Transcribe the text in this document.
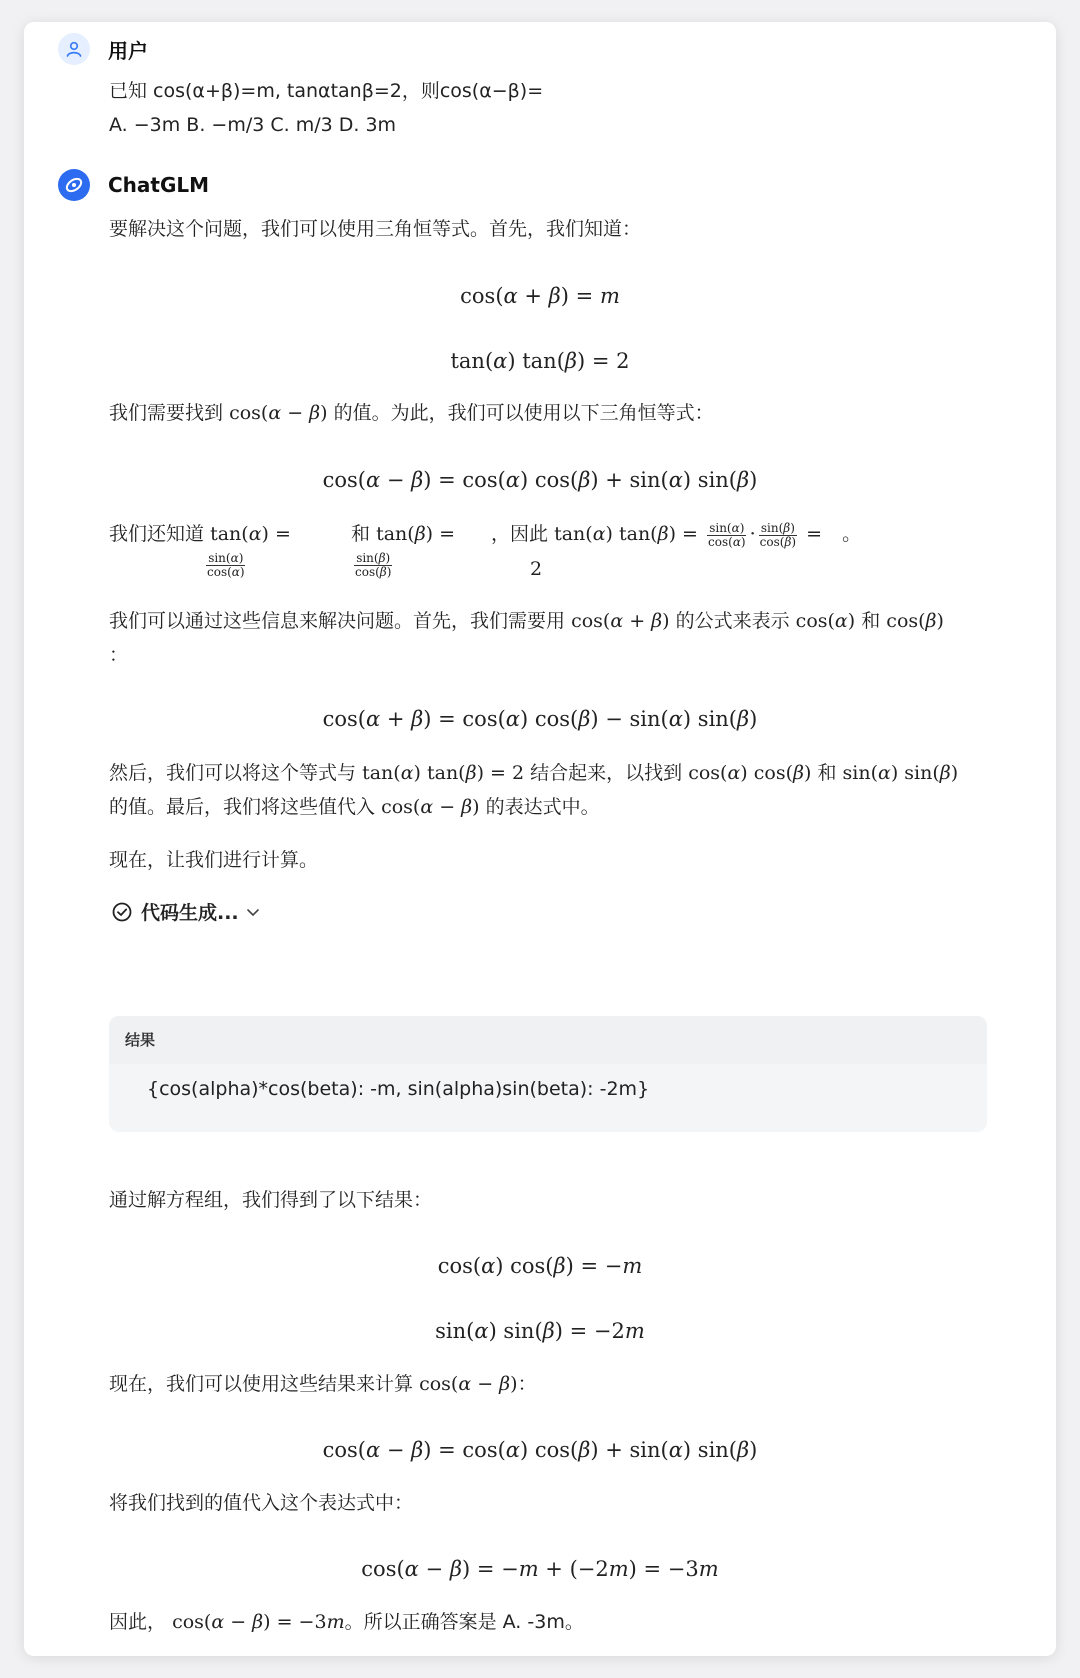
用户
已知 cos(α+β)=m, tanαtanβ=2，则cos(α−β)=
A. −3m B. −m/3 C. m/3 D. 3m
ChatGLM
要解决这个问题，我们可以使用三角恒等式。首先，我们知道：
cos(α + β) = m
tan(α) tan(β) = 2
我们需要找到 cos(α − β) 的值。为此，我们可以使用以下三角恒等式：
cos(α − β) = cos(α) cos(β) + sin(α) sin(β)
我们还知道 tan(α) =	和 tan(β) = ，因此 tan(α) $\tan(\beta) = \frac{\sin(\alpha)}{\cos(\alpha)} \cdot \frac{\sin(\beta)}{\cos(\beta)}$ = 。
$\frac{\sin(\alpha)}{\cos(\alpha)}$	$\frac{\sin(\beta)}{\cos(\beta)}$	2
我们可以通过这些信息来解决问题。首先，我们需要用 cos(α + β) 的公式来表示 cos(α) 和 cos(β)
：
cos(α + β) = cos(α) cos(β) − sin(α) sin(β)
然后，我们可以将这个等式与 tan(α) tan(β) = 2 结合起来，以找到 cos(α) cos(β) 和 sin(α) sin(β)
的值。最后，我们将这些值代入 cos(α − β) 的表达式中。
现在，让我们进行计算。
代码生成...
结果
{cos(alpha)*cos(beta): -m, sin(alpha)sin(beta): -2m}
通过解方程组，我们得到了以下结果：
cos(α) cos(β) = −m
sin(α) sin(β) = −2m
现在，我们可以使用这些结果来计算 cos(α − β)：
cos(α − β) = cos(α) cos(β) + sin(α) sin(β)
将我们找到的值代入这个表达式中：
cos(α − β) = −m + (−2m) = −3m
因此， cos(α − β) = −3m。所以正确答案是 A. -3m。
